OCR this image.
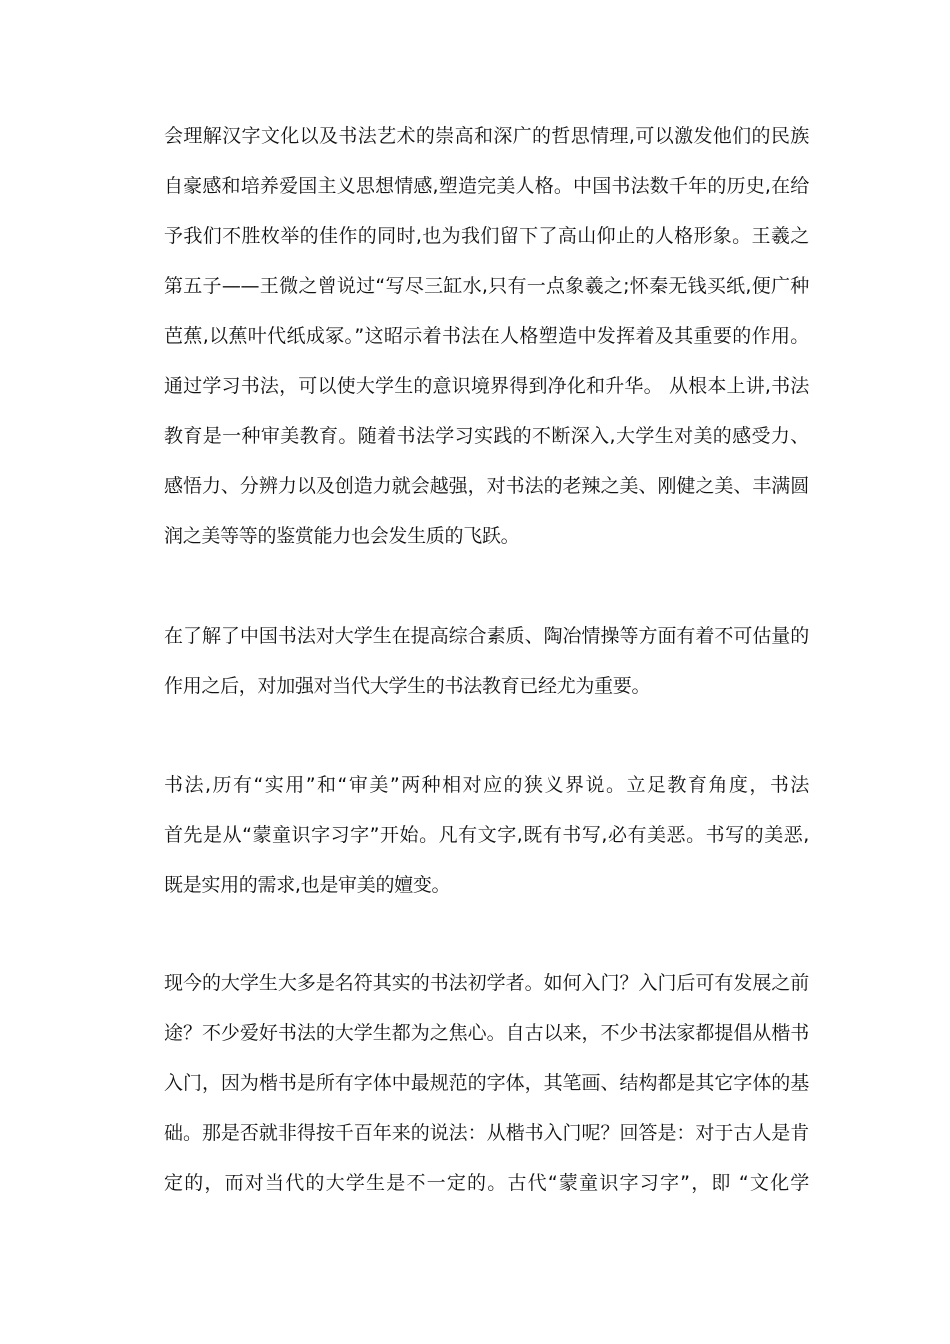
会理解汉字文化以及书法艺术的崇高和深广的哲思情理,可以激发他们的民族
自豪感和培养爱国主义思想情感,塑造完美人格。中国书法数千年的历史,在给
予我们不胜枚举的佳作的同时,也为我们留下了高山仰止的人格形象。王羲之
第五子——王微之曾说过“写尽三缸水,只有一点象羲之;怀秦无钱买纸,便广种
芭蕉,以蕉叶代纸成冢。”这昭示着书法在人格塑造中发挥着及其重要的作用。
通过学习书法，可以使大学生的意识境界得到净化和升华。 从根本上讲,书法
教育是一种审美教育。随着书法学习实践的不断深入,大学生对美的感受力、
感悟力、分辨力以及创造力就会越强，对书法的老辣之美、刚健之美、丰满圆
润之美等等的鉴赏能力也会发生质的飞跃。
在了解了中国书法对大学生在提高综合素质、陶冶情操等方面有着不可估量的
作用之后，对加强对当代大学生的书法教育已经尤为重要。
书法,历有“实用”和“审美”两种相对应的狭义界说。立足教育角度，书法
首先是从“蒙童识字习字”开始。凡有文字,既有书写,必有美恶。书写的美恶,
既是实用的需求,也是审美的嬗变。
现今的大学生大多是名符其实的书法初学者。如何入门？入门后可有发展之前
途？不少爱好书法的大学生都为之焦心。自古以来，不少书法家都提倡从楷书
入门，因为楷书是所有字体中最规范的字体，其笔画、结构都是其它字体的基
础。那是否就非得按千百年来的说法：从楷书入门呢？回答是：对于古人是肯
定的，而对当代的大学生是不一定的。古代“蒙童识字习字”，即 “文化学
